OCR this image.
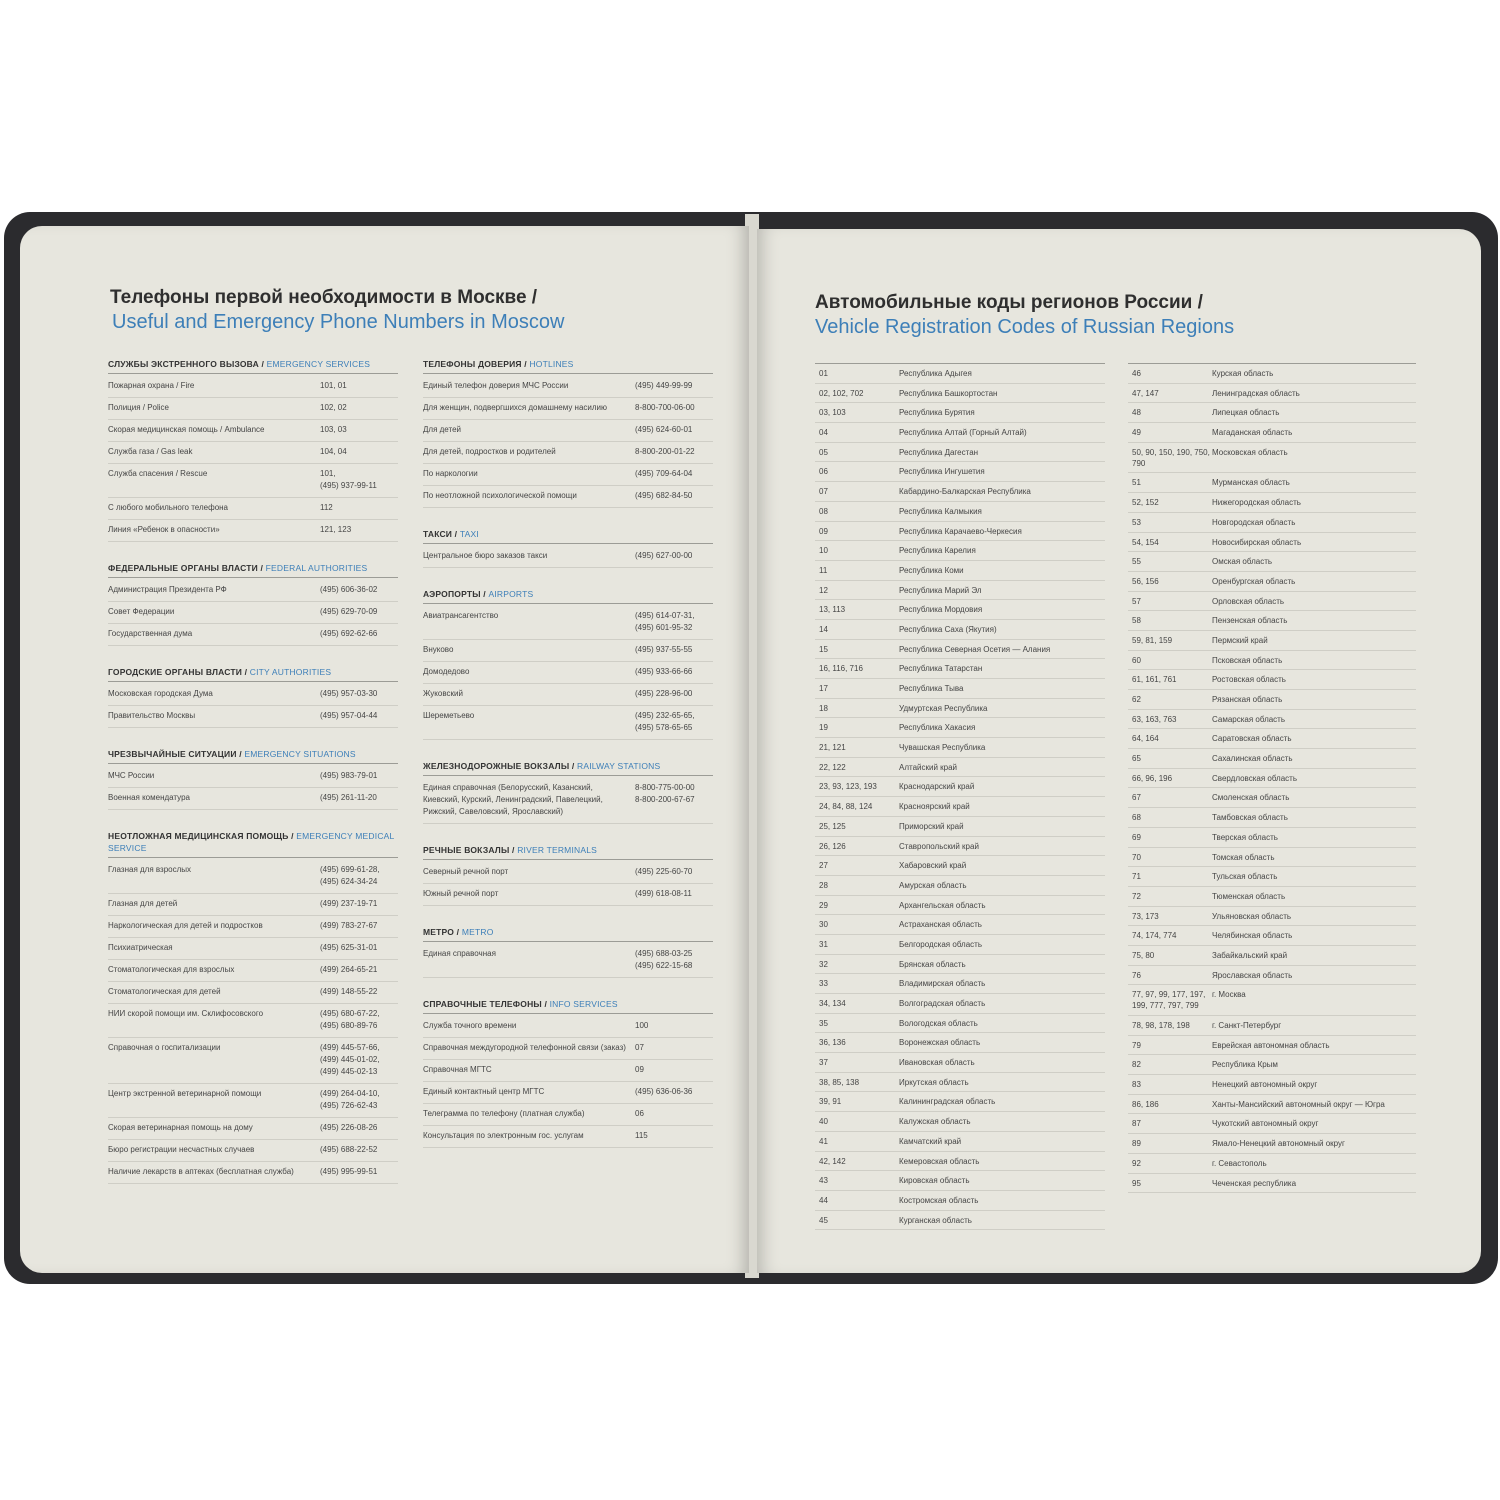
Телефоны первой необходимости в Москве /
Useful and Emergency Phone Numbers in Moscow
СЛУЖБЫ ЭКСТРЕННОГО ВЫЗОВА / EMERGENCY SERVICES
Пожарная охрана / Fire	101, 01
Полиция / Police	102, 02
Скорая медицинская помощь / Ambulance	103, 03
Служба газа / Gas leak	104, 04
Служба спасения / Rescue	101,
(495) 937-99-11
С любого мобильного телефона	112
Линия «Ребенок в опасности»	121, 123
ФЕДЕРАЛЬНЫЕ ОРГАНЫ ВЛАСТИ / FEDERAL AUTHORITIES
Администрация Президента РФ	(495) 606-36-02
Совет Федерации	(495) 629-70-09
Государственная дума	(495) 692-62-66
ГОРОДСКИЕ ОРГАНЫ ВЛАСТИ / CITY AUTHORITIES
Московская городская Дума	(495) 957-03-30
Правительство Москвы	(495) 957-04-44
ЧРЕЗВЫЧАЙНЫЕ СИТУАЦИИ / EMERGENCY SITUATIONS
МЧС России	(495) 983-79-01
Военная комендатура	(495) 261-11-20
НЕОТЛОЖНАЯ МЕДИЦИНСКАЯ ПОМОЩЬ / EMERGENCY MEDICAL SERVICE
Глазная для взрослых	(495) 699-61-28,
(495) 624-34-24
Глазная для детей	(499) 237-19-71
Наркологическая для детей и подростков	(499) 783-27-67
Психиатрическая	(495) 625-31-01
Стоматологическая для взрослых	(499) 264-65-21
Стоматологическая для детей	(499) 148-55-22
НИИ скорой помощи им. Склифосовского	(495) 680-67-22,
(495) 680-89-76
Справочная о госпитализации	(499) 445-57-66,
(499) 445-01-02,
(499) 445-02-13
Центр экстренной ветеринарной помощи	(499) 264-04-10,
(495) 726-62-43
Скорая ветеринарная помощь на дому	(495) 226-08-26
Бюро регистрации несчастных случаев	(495) 688-22-52
Наличие лекарств в аптеках (бесплатная служба)	(495) 995-99-51
ТЕЛЕФОНЫ ДОВЕРИЯ / HOTLINES
Единый телефон доверия МЧС России	(495) 449-99-99
Для женщин, подвергшихся домашнему насилию	8-800-700-06-00
Для детей	(495) 624-60-01
Для детей, подростков и родителей	8-800-200-01-22
По наркологии	(495) 709-64-04
По неотложной психологической помощи	(495) 682-84-50
ТАКСИ / TAXI
Центральное бюро заказов такси	(495) 627-00-00
АЭРОПОРТЫ / AIRPORTS
Авиатрансагентство	(495) 614-07-31,
(495) 601-95-32
Внуково	(495) 937-55-55
Домодедово	(495) 933-66-66
Жуковский	(495) 228-96-00
Шереметьево	(495) 232-65-65,
(495) 578-65-65
ЖЕЛЕЗНОДОРОЖНЫЕ ВОКЗАЛЫ / RAILWAY STATIONS
Единая справочная (Белорусский, Казанский, Киевский, Курский, Ленинградский, Павелецкий, Рижский, Савеловский, Ярославский)
8-800-775-00-00
8-800-200-67-67
РЕЧНЫЕ ВОКЗАЛЫ / RIVER TERMINALS
Северный речной порт	(495) 225-60-70
Южный речной порт	(499) 618-08-11
МЕТРО / METRO
Единая справочная	(495) 688-03-25
(495) 622-15-68
СПРАВОЧНЫЕ ТЕЛЕФОНЫ / INFO SERVICES
Служба точного времени	100
Справочная междугородной телефонной связи (заказ)	07
Справочная МГТС	09
Единый контактный центр МГТС	(495) 636-06-36
Телеграмма по телефону (платная служба)	06
Консультация по электронным гос. услугам	115
Автомобильные коды регионов России /
Vehicle Registration Codes of Russian Regions
01	Республика Адыгея
02, 102, 702	Республика Башкортостан
03, 103	Республика Бурятия
04	Республика Алтай (Горный Алтай)
05	Республика Дагестан
06	Республика Ингушетия
07	Кабардино-Балкарская Республика
08	Республика Калмыкия
09	Республика Карачаево-Черкесия
10	Республика Карелия
11	Республика Коми
12	Республика Марий Эл
13, 113	Республика Мордовия
14	Республика Саха (Якутия)
15	Республика Северная Осетия — Алания
16, 116, 716	Республика Татарстан
17	Республика Тыва
18	Удмуртская Республика
19	Республика Хакасия
21, 121	Чувашская Республика
22, 122	Алтайский край
23, 93, 123, 193	Краснодарский край
24, 84, 88, 124	Красноярский край
25, 125	Приморский край
26, 126	Ставропольский край
27	Хабаровский край
28	Амурская область
29	Архангельская область
30	Астраханская область
31	Белгородская область
32	Брянская область
33	Владимирская область
34, 134	Волгоградская область
35	Вологодская область
36, 136	Воронежская область
37	Ивановская область
38, 85, 138	Иркутская область
39, 91	Калининградская область
40	Калужская область
41	Камчатский край
42, 142	Кемеровская область
43	Кировская область
44	Костромская область
45	Курганская область
46	Курская область
47, 147	Ленинградская область
48	Липецкая область
49	Магаданская область
50, 90, 150, 190, 750, 790
Московская область
51	Мурманская область
52, 152	Нижегородская область
53	Новгородская область
54, 154	Новосибирская область
55	Омская область
56, 156	Оренбургская область
57	Орловская область
58	Пензенская область
59, 81, 159	Пермский край
60	Псковская область
61, 161, 761	Ростовская область
62	Рязанская область
63, 163, 763	Самарская область
64, 164	Саратовская область
65	Сахалинская область
66, 96, 196	Свердловская область
67	Смоленская область
68	Тамбовская область
69	Тверская область
70	Томская область
71	Тульская область
72	Тюменская область
73, 173	Ульяновская область
74, 174, 774	Челябинская область
75, 80	Забайкальский край
76	Ярославская область
77, 97, 99, 177, 197, 199, 777, 797, 799
г. Москва
78, 98, 178, 198	г. Санкт-Петербург
79	Еврейская автономная область
82	Республика Крым
83	Ненецкий автономный округ
86, 186	Ханты-Мансийский автономный округ — Югра
87	Чукотский автономный округ
89	Ямало-Ненецкий автономный округ
92	г. Севастополь
95	Чеченская республика
